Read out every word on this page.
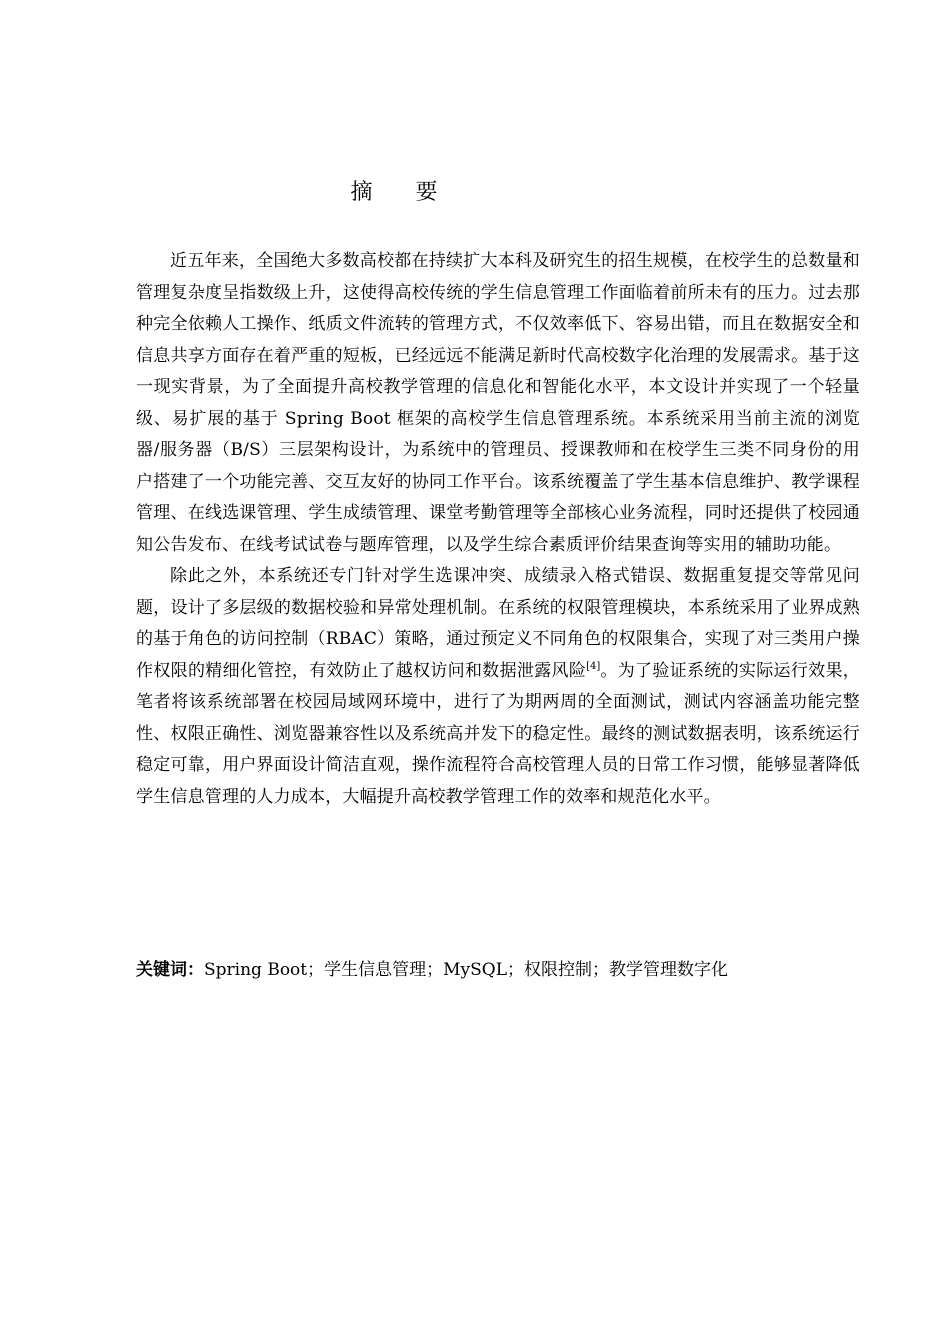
摘 要

近五年来，全国绝大多数高校都在持续扩大本科及研究生的招生规模，在校学生的总数量和管理复杂度呈指数级上升，这使得高校传统的学生信息管理工作面临着前所未有的压力。过去那种完全依赖人工操作、纸质文件流转的管理方式，不仅效率低下、容易出错，而且在数据安全和信息共享方面存在着严重的短板，已经远远不能满足新时代高校数字化治理的发展需求。基于这一现实背景，为了全面提升高校教学管理的信息化和智能化水平，本文设计并实现了一个轻量级、易扩展的基于 Spring Boot 框架的高校学生信息管理系统。本系统采用当前主流的浏览器/服务器（B/S）三层架构设计，为系统中的管理员、授课教师和在校学生三类不同身份的用户搭建了一个功能完善、交互友好的协同工作平台。该系统覆盖了学生基本信息维护、教学课程管理、在线选课管理、学生成绩管理、课堂考勤管理等全部核心业务流程，同时还提供了校园通知公告发布、在线考试试卷与题库管理，以及学生综合素质评价结果查询等实用的辅助功能。

除此之外，本系统还专门针对学生选课冲突、成绩录入格式错误、数据重复提交等常见问题，设计了多层级的数据校验和异常处理机制。在系统的权限管理模块，本系统采用了业界成熟的基于角色的访问控制（RBAC）策略，通过预定义不同角色的权限集合，实现了对三类用户操作权限的精细化管控，有效防止了越权访问和数据泄露风险[4]。为了验证系统的实际运行效果，笔者将该系统部署在校园局域网环境中，进行了为期两周的全面测试，测试内容涵盖功能完整性、权限正确性、浏览器兼容性以及系统高并发下的稳定性。最终的测试数据表明，该系统运行稳定可靠，用户界面设计简洁直观，操作流程符合高校管理人员的日常工作习惯，能够显著降低学生信息管理的人力成本，大幅提升高校教学管理工作的效率和规范化水平。

关键词：Spring Boot；学生信息管理；MySQL；权限控制；教学管理数字化
